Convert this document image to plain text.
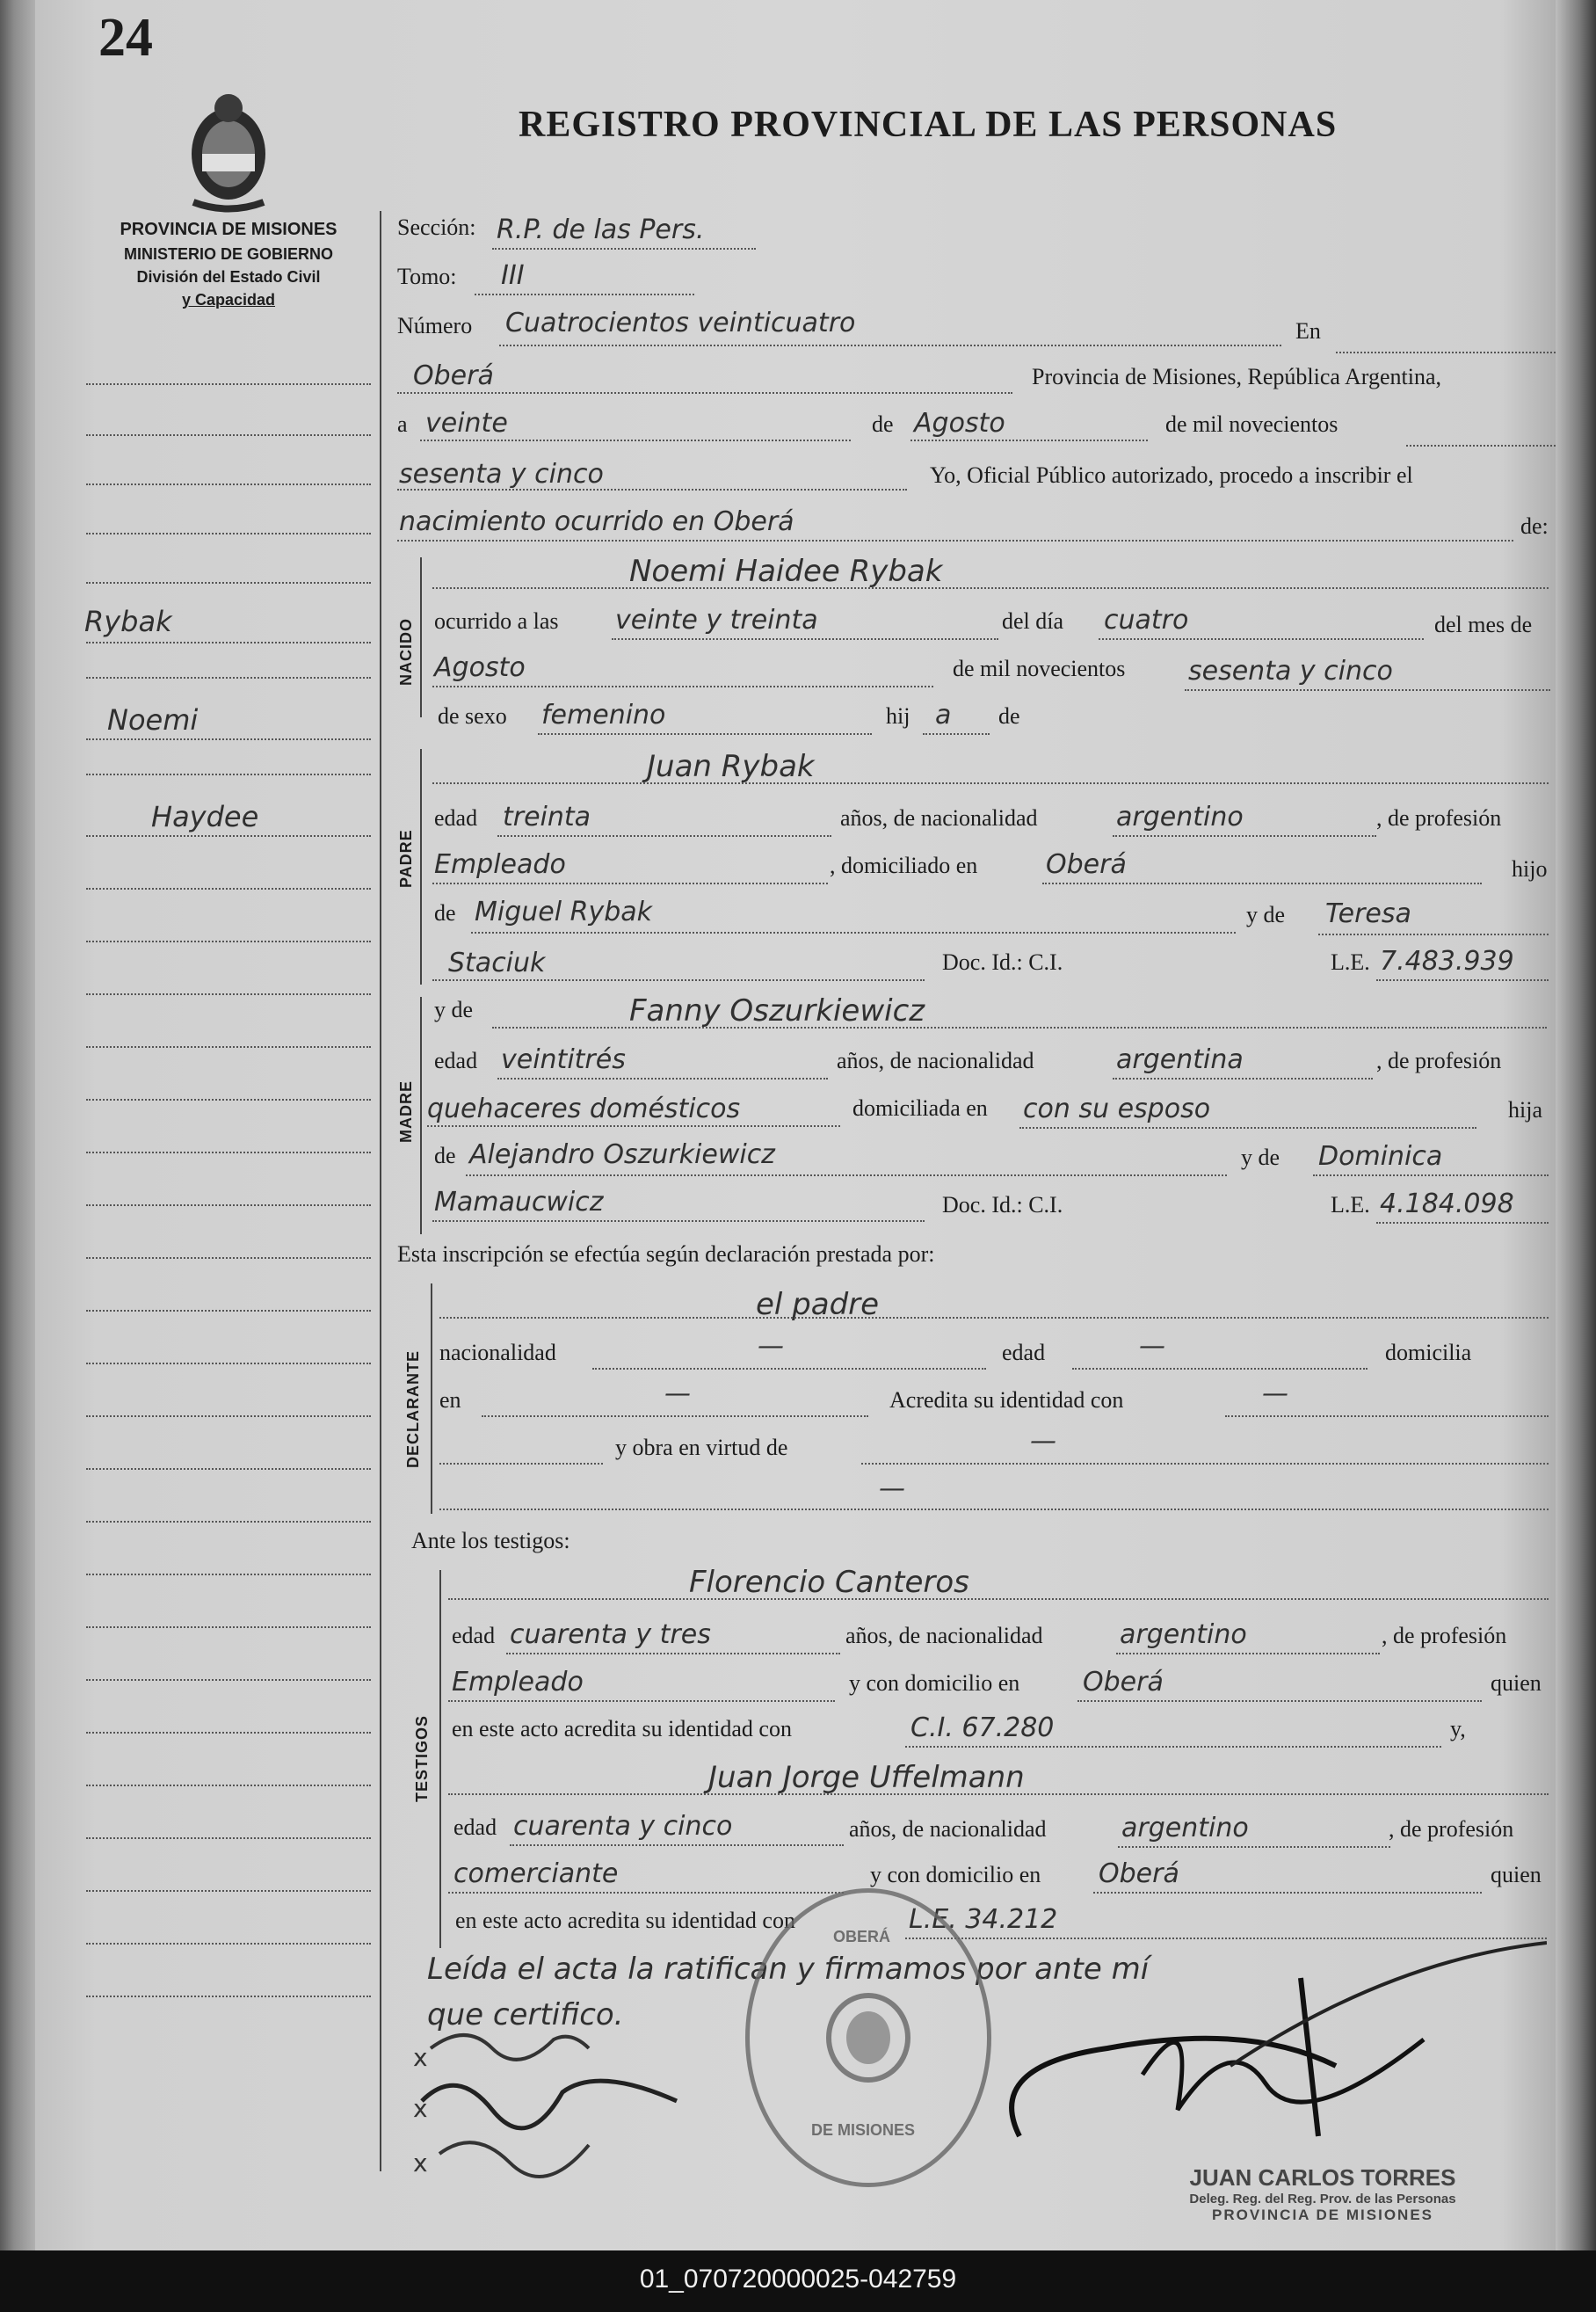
24
REGISTRO PROVINCIAL DE LAS PERSONAS
PROVINCIA DE MISIONES
MINISTERIO DE GOBIERNO
División del Estado Civil
y Capacidad
Rybak
Noemi
Haydee
Sección: R.P. de las Pers.
Tomo: III
Número Cuatrocientos veinticuatro	En
Oberá	Provincia de Misiones, República Argentina,
a veinte	de Agosto	de mil novecientos
sesenta y cinco	Yo, Oficial Público autorizado, procedo a inscribir el
nacimiento ocurrido en Oberá	de:
NACIDO
Noemi Haidee Rybak
ocurrido a las veinte y treinta	del día cuatro	del mes de
Agosto	de mil novecientos sesenta y cinco
de sexo femenino	hij a de
PADRE
Juan Rybak
edad treinta	años, de nacionalidad	argentino	, de profesión
Empleado	, domiciliado en	Oberá	hijo
de Miguel Rybak	y de Teresa
Staciuk	Doc. Id.: C.I.	L.E. 7.483.939
MADRE
y de	Fanny Oszurkiewicz
edad veintitrés	años, de nacionalidad	argentina	, de profesión
quehaceres domésticos	domiciliada en con su esposo	hija
de Alejandro Oszurkiewicz	y de Dominica
Mamaucwicz	Doc. Id.: C.I.	L.E. 4.184.098
Esta inscripción se efectúa según declaración prestada por:
DECLARANTE
el padre
nacionalidad	—	edad	—	domicilia
en	—	Acredita su identidad con	—
y obra en virtud de	—
—
Ante los testigos:
TESTIGOS
Florencio Canteros
edad cuarenta y tres	años, de nacionalidad	argentino	, de profesión
Empleado	y con domicilio en Oberá	quien
en este acto acredita su identidad con	C.I. 67.280	y,
Juan Jorge Uffelmann
edad cuarenta y cinco	años, de nacionalidad	argentino	, de profesión
comerciante	y con domicilio en Oberá	quien
en este acto acredita su identidad con	L.E. 34.212
Leída el acta la ratifican y firmamos por ante mí
que certifico.
x
x
x
OBERÁ
DE MISIONES
JUAN CARLOS TORRES
Deleg. Reg. del Reg. Prov. de las Personas
PROVINCIA DE MISIONES
01_070720000025-042759
